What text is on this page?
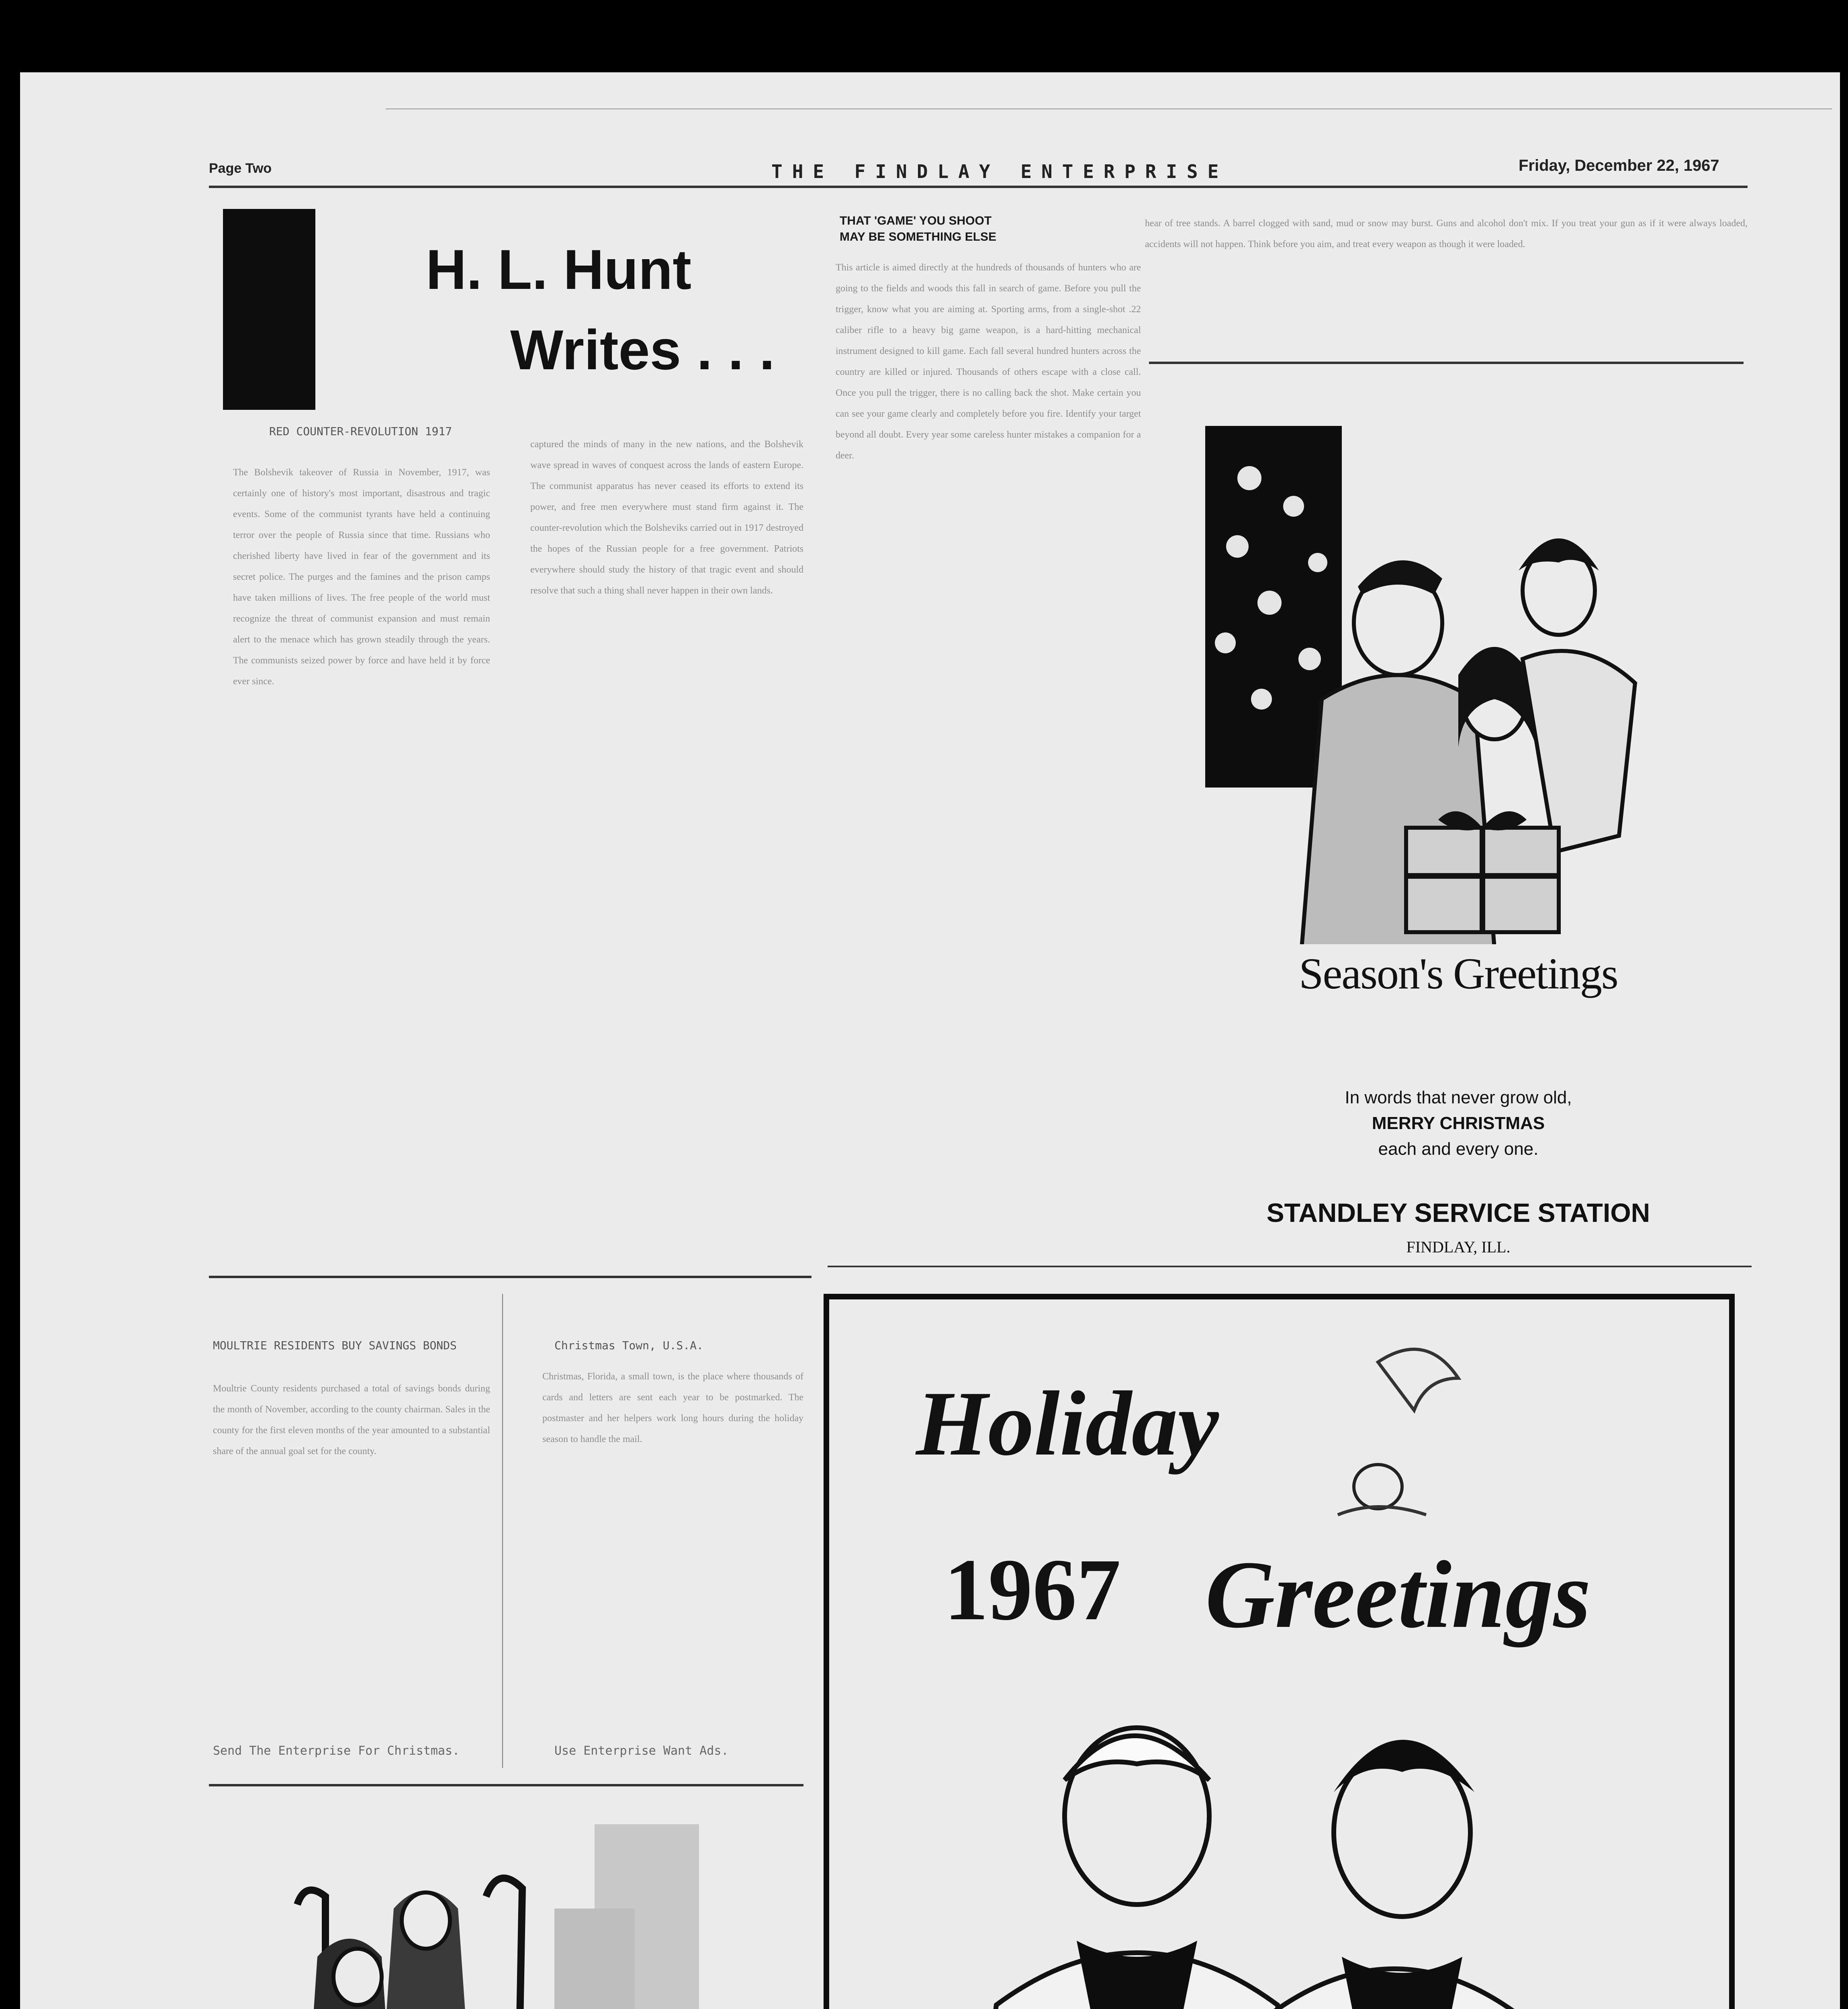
Page Two	THE FINDLAY ENTERPRISE	Friday, December 22, 1967
H. L. Hunt
Writes . . .
RED COUNTER-REVOLUTION 1917
The Bolshevik takeover of Russia in November, 1917, was certainly one of history's most important, disastrous and tragic events. Some of the communist tyrants have held a continuing terror over the people of Russia since that time. Russians who cherished liberty have lived in fear of the government and its secret police. The purges and the famines and the prison camps have taken millions of lives. The free people of the world must recognize the threat of communist expansion and must remain alert to the menace which has grown steadily through the years. The communists seized power by force and have held it by force ever since.
captured the minds of many in the new nations, and the Bolshevik wave spread in waves of conquest across the lands of eastern Europe. The communist apparatus has never ceased its efforts to extend its power, and free men everywhere must stand firm against it. The counter-revolution which the Bolsheviks carried out in 1917 destroyed the hopes of the Russian people for a free government. Patriots everywhere should study the history of that tragic event and should resolve that such a thing shall never happen in their own lands.
MOULTRIE RESIDENTS BUY SAVINGS BONDS
Moultrie County residents purchased a total of savings bonds during the month of November, according to the county chairman. Sales in the county for the first eleven months of the year amounted to a substantial share of the annual goal set for the county.
Send The Enterprise For Christmas.
Christmas Town, U.S.A.
Christmas, Florida, a small town, is the place where thousands of cards and letters are sent each year to be postmarked. The postmaster and her helpers work long hours during the holiday season to handle the mail.
Use Enterprise Want Ads.
THAT 'GAME' YOU SHOOT
MAY BE SOMETHING ELSE
This article is aimed directly at the hundreds of thousands of hunters who are going to the fields and woods this fall in search of game. Before you pull the trigger, know what you are aiming at. Sporting arms, from a single-shot .22 caliber rifle to a heavy big game weapon, is a hard-hitting mechanical instrument designed to kill game. Each fall several hundred hunters across the country are killed or injured. Thousands of others escape with a close call. Once you pull the trigger, there is no calling back the shot. Make certain you can see your game clearly and completely before you fire. Identify your target beyond all doubt. Every year some careless hunter mistakes a companion for a deer.
hear of tree stands. A barrel clogged with sand, mud or snow may burst. Guns and alcohol don't mix. If you treat your gun as if it were always loaded, accidents will not happen. Think before you aim, and treat every weapon as though it were loaded.
Season's Greetings
In words that never grow old,
MERRY CHRISTMAS
each and every one.
STANDLEY SERVICE STATION
FINDLAY, ILL.
Holiday
1967 Greetings
